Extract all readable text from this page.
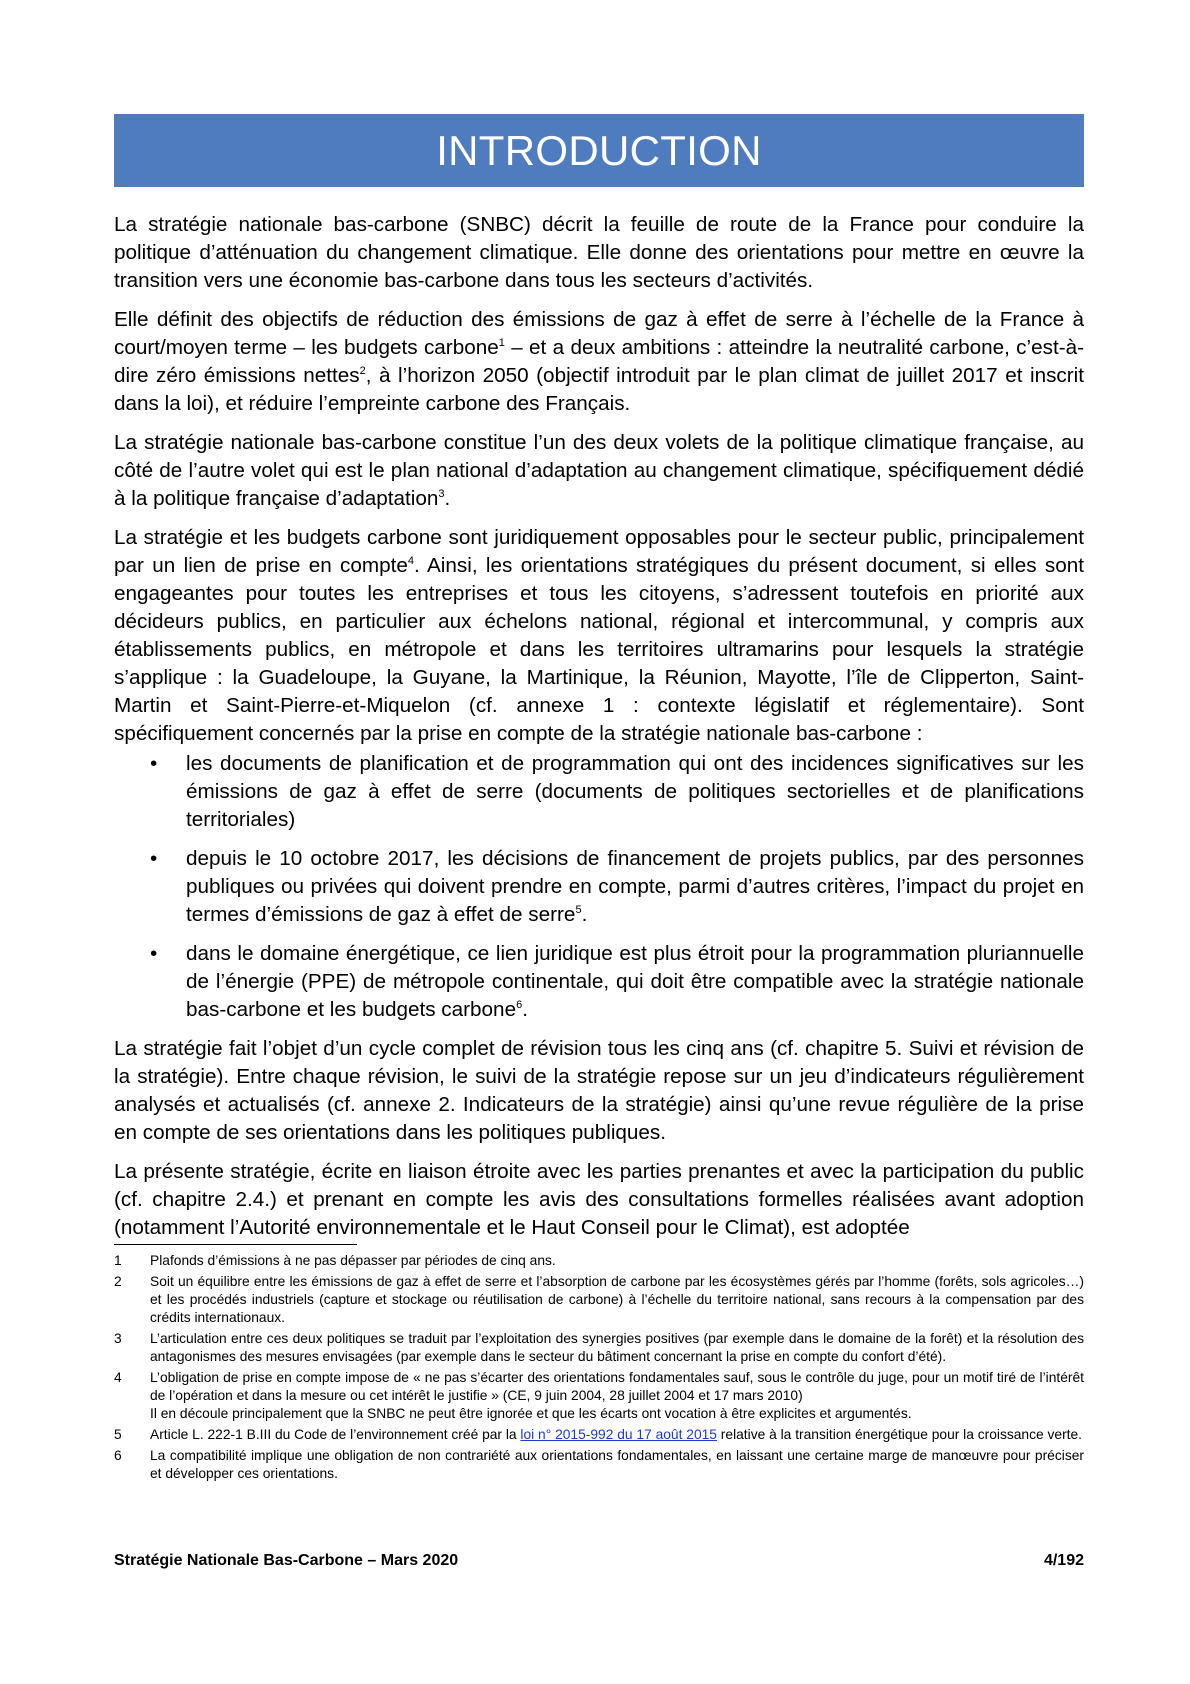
INTRODUCTION

La stratégie nationale bas-carbone (SNBC) décrit la feuille de route de la France pour conduire la politique d’atténuation du changement climatique. Elle donne des orientations pour mettre en œuvre la transition vers une économie bas-carbone dans tous les secteurs d’activités.

Elle définit des objectifs de réduction des émissions de gaz à effet de serre à l’échelle de la France à court/moyen terme – les budgets carbone$^1$ – et a deux ambitions : atteindre la neutralité carbone, c’est-à-dire zéro émissions nettes$^2$, à l’horizon 2050 (objectif introduit par le plan climat de juillet 2017 et inscrit dans la loi), et réduire l’empreinte carbone des Français.

La stratégie nationale bas-carbone constitue l’un des deux volets de la politique climatique française, au côté de l’autre volet qui est le plan national d’adaptation au changement climatique, spécifiquement dédié à la politique française d’adaptation$^3$.

La stratégie et les budgets carbone sont juridiquement opposables pour le secteur public, principalement par un lien de prise en compte$^4$. Ainsi, les orientations stratégiques du présent document, si elles sont engageantes pour toutes les entreprises et tous les citoyens, s’adressent toutefois en priorité aux décideurs publics, en particulier aux échelons national, régional et intercommunal, y compris aux établissements publics, en métropole et dans les territoires ultramarins pour lesquels la stratégie s’applique : la Guadeloupe, la Guyane, la Martinique, la Réunion, Mayotte, l’île de Clipperton, Saint-Martin et Saint-Pierre-et-Miquelon (cf. annexe 1 : contexte législatif et réglementaire). Sont spécifiquement concernés par la prise en compte de la stratégie nationale bas-carbone :

• les documents de planification et de programmation qui ont des incidences significatives sur les émissions de gaz à effet de serre (documents de politiques sectorielles et de planifications territoriales)
• depuis le 10 octobre 2017, les décisions de financement de projets publics, par des personnes publiques ou privées qui doivent prendre en compte, parmi d’autres critères, l’impact du projet en termes d’émissions de gaz à effet de serre$^5$.
• dans le domaine énergétique, ce lien juridique est plus étroit pour la programmation pluriannuelle de l’énergie (PPE) de métropole continentale, qui doit être compatible avec la stratégie nationale bas-carbone et les budgets carbone$^6$.

La stratégie fait l’objet d’un cycle complet de révision tous les cinq ans (cf. chapitre 5. Suivi et révision de la stratégie). Entre chaque révision, le suivi de la stratégie repose sur un jeu d’indicateurs régulièrement analysés et actualisés (cf. annexe 2. Indicateurs de la stratégie) ainsi qu’une revue régulière de la prise en compte de ses orientations dans les politiques publiques.

La présente stratégie, écrite en liaison étroite avec les parties prenantes et avec la participation du public (cf. chapitre 2.4.) et prenant en compte les avis des consultations formelles réalisées avant adoption (notamment l’Autorité environnementale et le Haut Conseil pour le Climat), est adoptée

1	Plafonds d’émissions à ne pas dépasser par périodes de cinq ans.
2	Soit un équilibre entre les émissions de gaz à effet de serre et l’absorption de carbone par les écosystèmes gérés par l’homme (forêts, sols agricoles…) et les procédés industriels (capture et stockage ou réutilisation de carbone) à l’échelle du territoire national, sans recours à la compensation par des crédits internationaux.
3	L’articulation entre ces deux politiques se traduit par l’exploitation des synergies positives (par exemple dans le domaine de la forêt) et la résolution des antagonismes des mesures envisagées (par exemple dans le secteur du bâtiment concernant la prise en compte du confort d’été).
4	L’obligation de prise en compte impose de « ne pas s’écarter des orientations fondamentales sauf, sous le contrôle du juge, pour un motif tiré de l’intérêt de l’opération et dans la mesure ou cet intérêt le justifie » (CE, 9 juin 2004, 28 juillet 2004 et 17 mars 2010)
Il en découle principalement que la SNBC ne peut être ignorée et que les écarts ont vocation à être explicites et argumentés.
5	Article L. 222-1 B.III du Code de l’environnement créé par la loi n° 2015-992 du 17 août 2015 relative à la transition énergétique pour la croissance verte.
6	La compatibilité implique une obligation de non contrariété aux orientations fondamentales, en laissant une certaine marge de manœuvre pour préciser et développer ces orientations.
Stratégie Nationale Bas-Carbone – Mars 2020	4/192
